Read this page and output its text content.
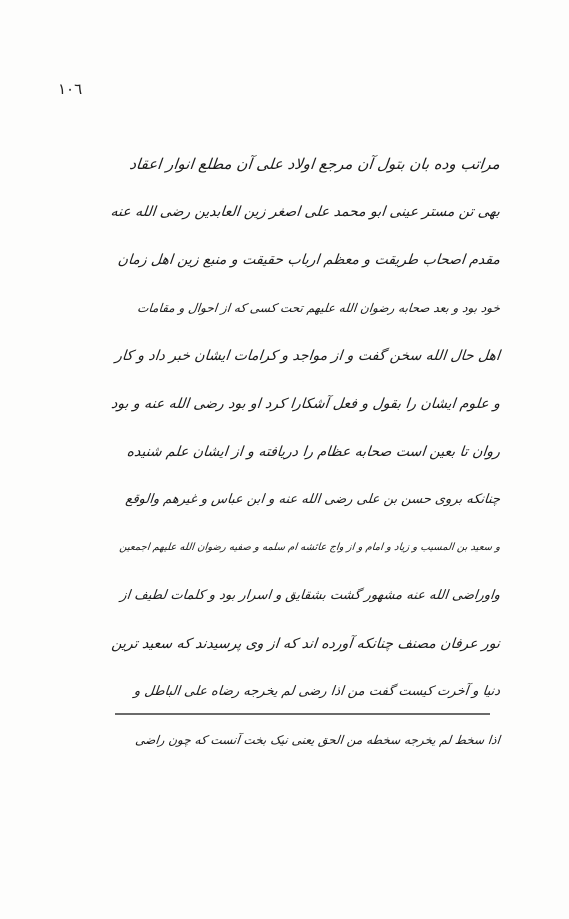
١٠٦
مراتب وده بان بتول آن مرجع اولاد علی آن مطلع انوار اعقاد
بهی تن مستر عینی ابو محمد علی اصغر زین العابدین رضی الله عنه
مقدم اصحاب طریقت و معظم ارباب حقیقت و منبع زین اهل زمان
خود بود و بعد صحابه رضوان الله علیهم تحت کسی که از احوال و مقامات
اهل حال الله سخن گفت و از مواجد و کرامات ایشان خبر داد و کار
و علوم ایشان را بقول و فعل آشکارا کرد او بود رضی الله عنه و بود
روان تا بعین است صحابه عظام را دریافته و از ایشان علم شنیده
چنانکه بروی حسن بن علی رضی الله عنه و ابن عباس و غیرهم والوقع
و سعید بن المسیب و زیاد و امام و از واج عائشه ام سلمه و صفیه رضوان الله علیهم اجمعین
واوراضی الله عنه مشهور گشت بشقایق و اسرار بود و کلمات لطیف از
نور عرفان مصنف چنانکه آورده اند که از وی پرسیدند که سعید ترین
دنیا و آخرت کیست گفت من اذا رضی لم یخرجه رضاه علی الباطل و
اذا سخط لم یخرجه سخطه من الحق یعنی نیک بخت آنست که چون راضی
